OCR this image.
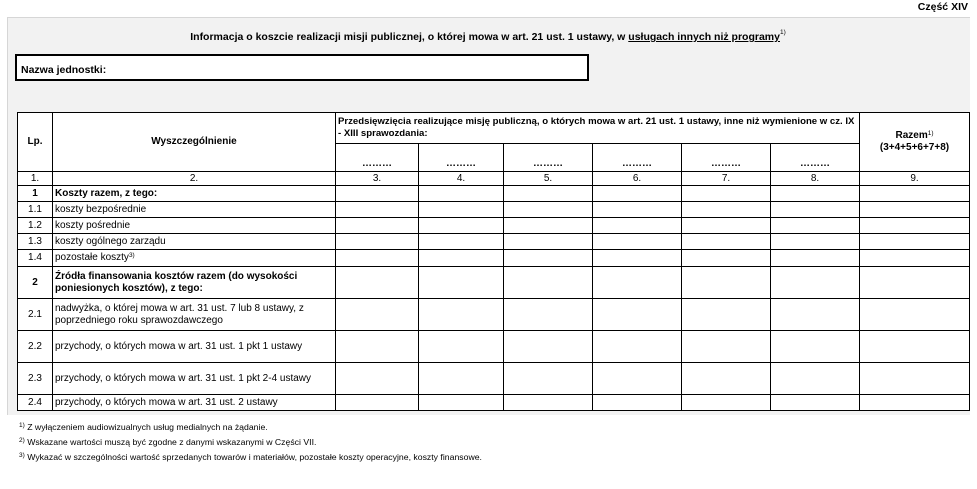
Część XIV
Informacja o koszcie realizacji misji publicznej, o której mowa w art. 21 ust. 1 ustawy, w usługach innych niż programy$^{1)}$
Nazwa jednostki:
Lp.	Wyszczególnienie	Przedsięwzięcia realizujące misję publiczną, o których mowa w art. 21 ust. 1 ustawy, inne niż wymienione w cz. IX - XIII sprawozdania:						Razem$^{1)}$
(3+4+5+6+7+8)
		………	………	………	………	………	………	
1.	2.	3.	4.	5.	6.	7.	8.	9.
1	Koszty razem, z tego:							
1.1	koszty bezpośrednie							
1.2	koszty pośrednie							
1.3	koszty ogólnego zarządu							
1.4	pozostałe koszty$^{3)}$							
2	Źródła finansowania kosztów razem (do wysokości poniesionych kosztów), z tego:							
2.1	nadwyżka, o której mowa w art. 31 ust. 7 lub 8 ustawy, z poprzedniego roku sprawozdawczego							
2.2	przychody, o których mowa w art. 31 ust. 1 pkt 1 ustawy							
2.3	przychody, o których mowa w art. 31 ust. 1 pkt 2-4 ustawy							
2.4	przychody, o których mowa w art. 31 ust. 2 ustawy							
$^{1)}$ Z wyłączeniem audiowizualnych usług medialnych na żądanie.
$^{2)}$ Wskazane wartości muszą być zgodne z danymi wskazanymi w Części VII.
$^{3)}$ Wykazać w szczególności wartość sprzedanych towarów i materiałów, pozostałe koszty operacyjne, koszty finansowe.
